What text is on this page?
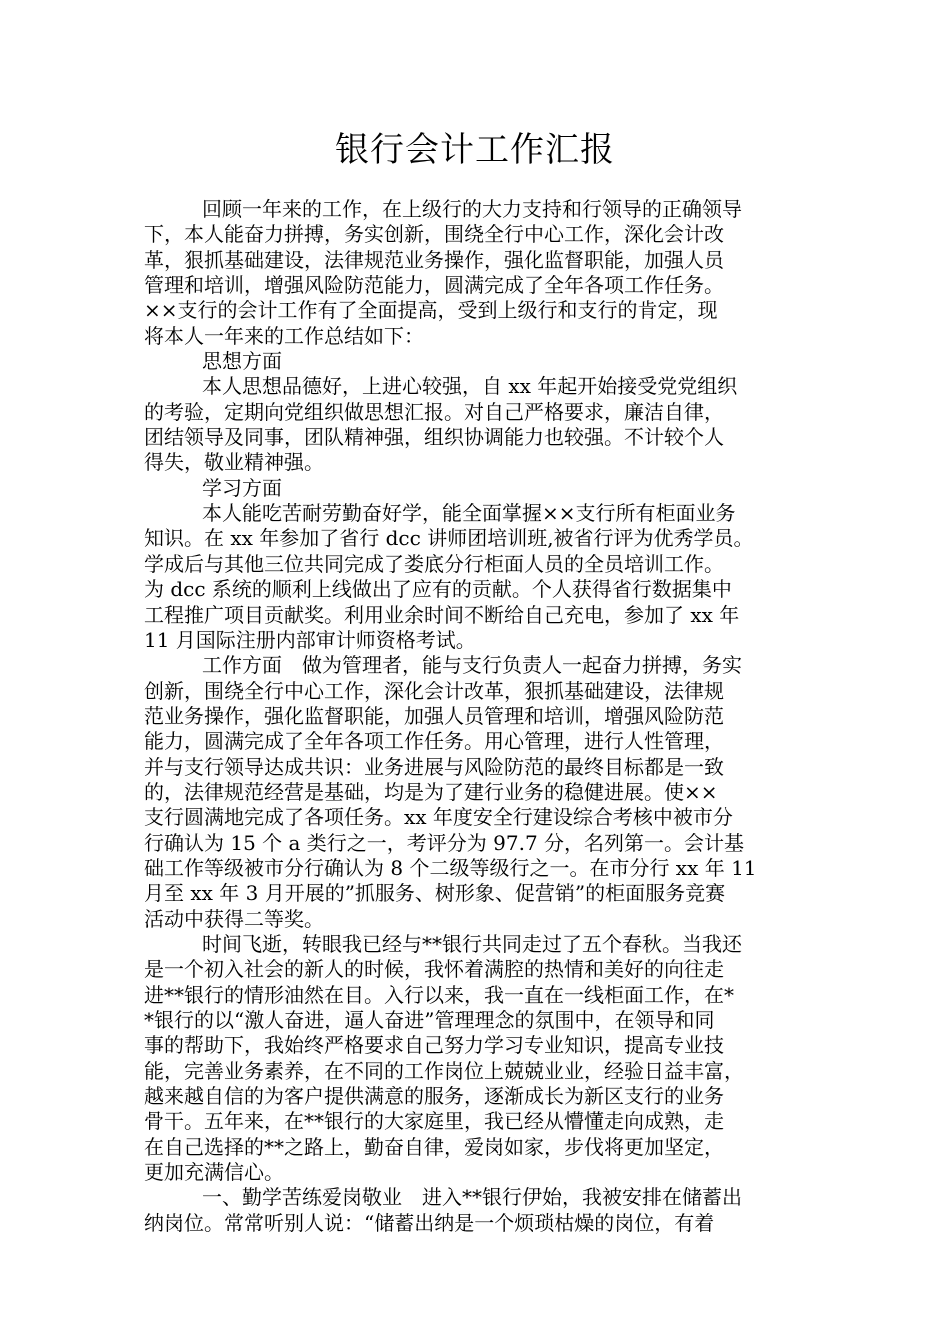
银行会计工作汇报
回顾一年来的工作，在上级行的大力支持和行领导的正确领导
下，本人能奋力拼搏，务实创新，围绕全行中心工作，深化会计改
革，狠抓基础建设，法律规范业务操作，强化监督职能，加强人员
管理和培训，增强风险防范能力，圆满完成了全年各项工作任务。
××支行的会计工作有了全面提高，受到上级行和支行的肯定，现
将本人一年来的工作总结如下：
思想方面
本人思想品德好，上进心较强，自 xx 年起开始接受党党组织
的考验，定期向党组织做思想汇报。对自己严格要求，廉洁自律，
团结领导及同事，团队精神强，组织协调能力也较强。不计较个人
得失，敬业精神强。
学习方面
本人能吃苦耐劳勤奋好学，能全面掌握××支行所有柜面业务
知识。在 xx 年参加了省行 dcc 讲师团培训班,被省行评为优秀学员。
学成后与其他三位共同完成了娄底分行柜面人员的全员培训工作。
为 dcc 系统的顺利上线做出了应有的贡献。个人获得省行数据集中
工程推广项目贡献奖。利用业余时间不断给自己充电，参加了 xx 年
11 月国际注册内部审计师资格考试。
工作方面　做为管理者，能与支行负责人一起奋力拼搏，务实
创新，围绕全行中心工作，深化会计改革，狠抓基础建设，法律规
范业务操作，强化监督职能，加强人员管理和培训，增强风险防范
能力，圆满完成了全年各项工作任务。用心管理，进行人性管理，
并与支行领导达成共识：业务进展与风险防范的最终目标都是一致
的，法律规范经营是基础，均是为了建行业务的稳健进展。使××
支行圆满地完成了各项任务。xx 年度安全行建设综合考核中被市分
行确认为 15 个 a 类行之一，考评分为 97.7 分，名列第一。会计基
础工作等级被市分行确认为 8 个二级等级行之一。在市分行 xx 年 11
月至 xx 年 3 月开展的”抓服务、树形象、促营销”的柜面服务竞赛
活动中获得二等奖。
时间飞逝，转眼我已经与**银行共同走过了五个春秋。当我还
是一个初入社会的新人的时候，我怀着满腔的热情和美好的向往走
进**银行的情形油然在目。入行以来，我一直在一线柜面工作，在*
*银行的以“激人奋进，逼人奋进”管理理念的氛围中，在领导和同
事的帮助下，我始终严格要求自己努力学习专业知识，提高专业技
能，完善业务素养，在不同的工作岗位上兢兢业业，经验日益丰富，
越来越自信的为客户提供满意的服务，逐渐成长为新区支行的业务
骨干。五年来，在**银行的大家庭里，我已经从懵懂走向成熟，走
在自己选择的**之路上，勤奋自律，爱岗如家，步伐将更加坚定，
更加充满信心。
一、勤学苦练爱岗敬业　进入**银行伊始，我被安排在储蓄出
纳岗位。常常听别人说：“储蓄出纳是一个烦琐枯燥的岗位，有着
